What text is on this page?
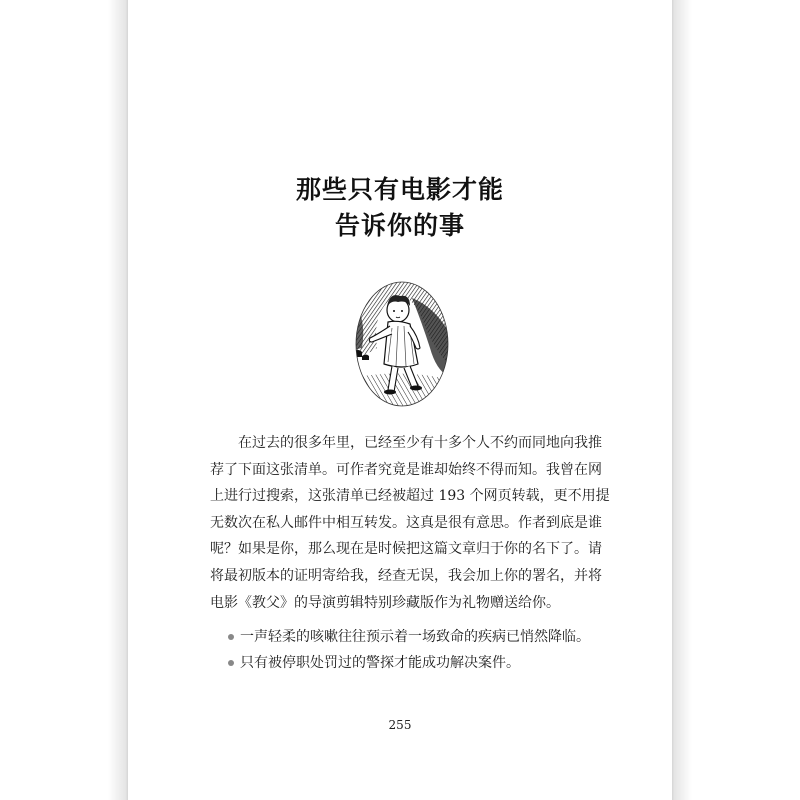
那些只有电影才能
告诉你的事
在过去的很多年里，已经至少有十多个人不约而同地向我推
荐了下面这张清单。可作者究竟是谁却始终不得而知。我曾在网
上进行过搜索，这张清单已经被超过 193 个网页转载，更不用提
无数次在私人邮件中相互转发。这真是很有意思。作者到底是谁
呢？如果是你，那么现在是时候把这篇文章归于你的名下了。请
将最初版本的证明寄给我，经查无误，我会加上你的署名，并将
电影《教父》的导演剪辑特别珍藏版作为礼物赠送给你。
一声轻柔的咳嗽往往预示着一场致命的疾病已悄然降临。
只有被停职处罚过的警探才能成功解决案件。
255
